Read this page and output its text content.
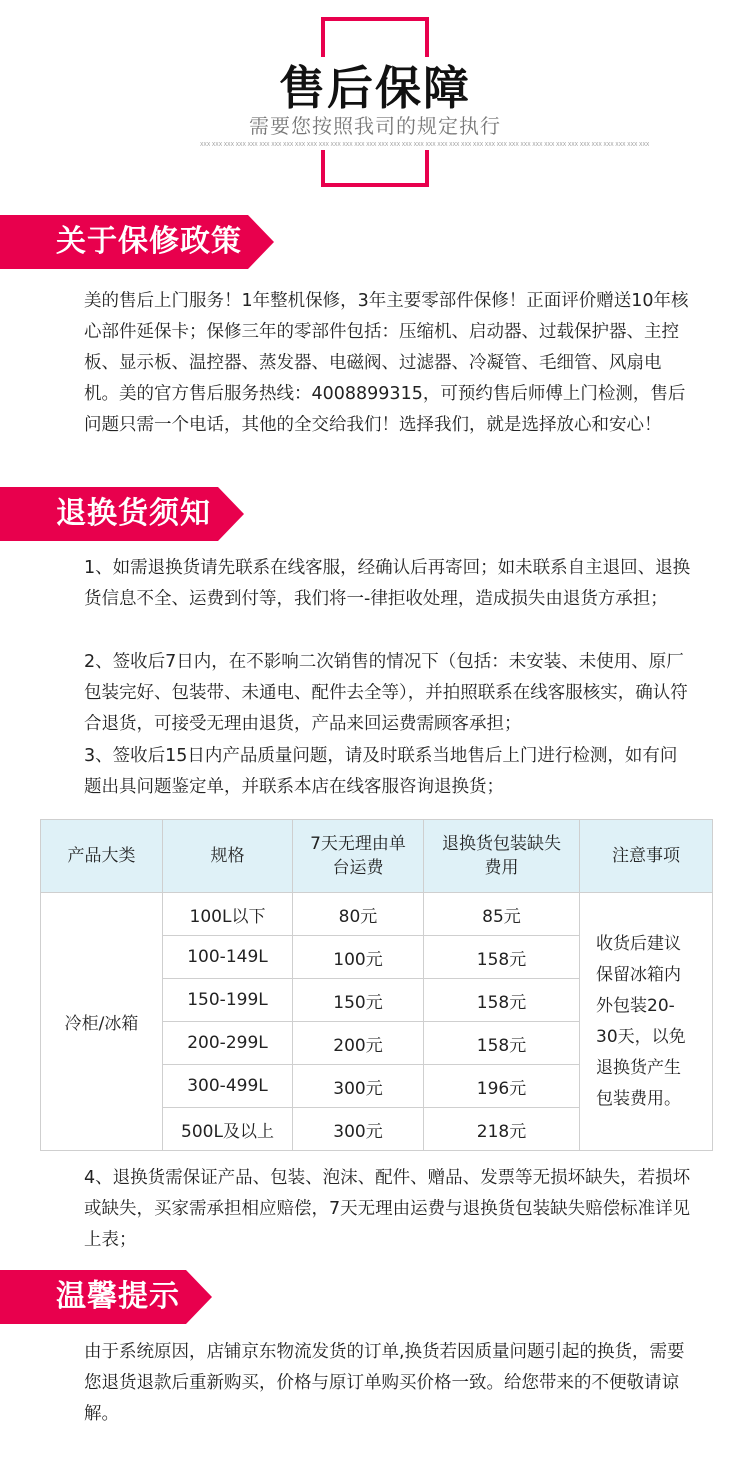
售后保障
需要您按照我司的规定执行
XXX XXX XXX XXX XXX XXX XXX XXX XXX XXX XXX XXX XXX XXX XXX XXX XXX XXX XXX XXX XXX XXX XXX XXX XXX XXX XXX XXX XXX XXX XXX XXX XXX XXX XXX XXX XXX XXX
关于保修政策
美的售后上门服务！1年整机保修，3年主要零部件保修！正面评价赠送10年核心部件延保卡；保修三年的零部件包括：压缩机、启动器、过载保护器、主控板、显示板、温控器、蒸发器、电磁阀、过滤器、冷凝管、毛细管、风扇电机。美的官方售后服务热线：4008899315，可预约售后师傅上门检测，售后问题只需一个电话，其他的全交给我们！选择我们，就是选择放心和安心！
退换货须知
1、如需退换货请先联系在线客服，经确认后再寄回；如未联系自主退回、退换货信息不全、运费到付等，我们将一-律拒收处理，造成损失由退货方承担；
2、签收后7日内，在不影响二次销售的情况下（包括：未安装、未使用、原厂包装完好、包装带、未通电、配件去全等），并拍照联系在线客服核实，确认符合退货，可接受无理由退货，产品来回运费需顾客承担；
3、签收后15日内产品质量问题，请及时联系当地售后上门进行检测，如有问题出具问题鉴定单，并联系本店在线客服咨询退换货；
产品大类	规格	7天无理由单台运费	退换货包装缺失费用	注意事项
冷柜/冰箱	100L以下	80元	85元	收货后建议保留冰箱内外包装20-30天，以免退换货产生包装费用。
	100-149L	100元	158元	
	150-199L	150元	158元	
	200-299L	200元	158元	
	300-499L	300元	196元	
	500L及以上	300元	218元	
4、退换货需保证产品、包装、泡沫、配件、赠品、发票等无损坏缺失，若损坏或缺失，买家需承担相应赔偿，7天无理由运费与退换货包装缺失赔偿标准详见上表；
温馨提示
由于系统原因，店铺京东物流发货的订单,换货若因质量问题引起的换货，需要您退货退款后重新购买，价格与原订单购买价格一致。给您带来的不便敬请谅解。
